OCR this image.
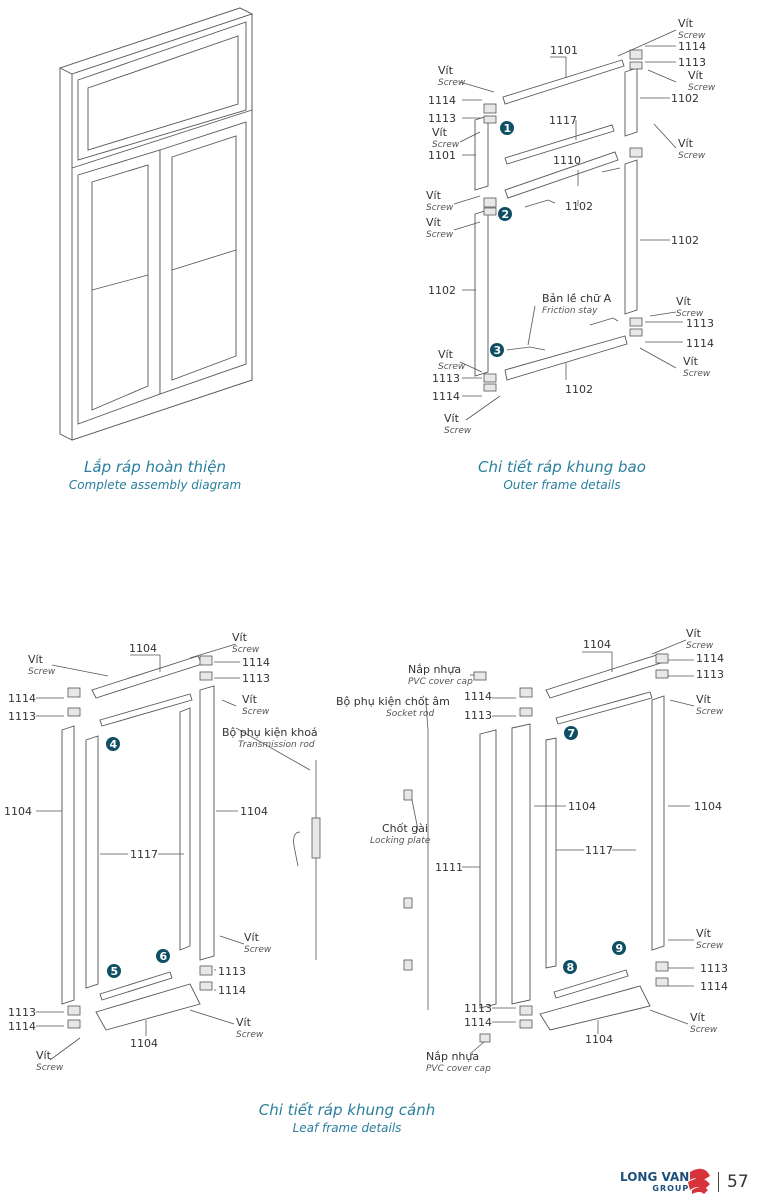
1101
Vít
Screw
1114
1113
Vít
Screw
1101
1117
1110
1102
Vít
Screw
Vít
Screw
1102
Bản lề chữ A
Friction stay
Vít
Screw
1113
1114
1102
Vít
Screw
Vít
Screw
1114
1113
Vít
Screw
1102
Vít
Screw
1102
Vít
Screw
1113
1114
Vít
Screw
1104
Vít
Screw
Vít
Screw
1114
1113
1114
1113
Vít
Screw
Bộ phụ kiện khoá
Transmission rod
1104	1104
1117
Vít
Screw
1113
1114
1113
1114	Vít
Screw
1104
Vít
Screw
1104
Vít
Screw
Nắp nhựa
PVC cover cap
1114
1113
Bộ phụ kiện chốt âm
Socket rod
1114
1113
Vít
Screw
1104	1104
Chốt gài
Locking plate
1117
1111
Vít
Screw
1113
1114
1113
1114	Vít
Screw
1104
Nắp nhựa
PVC cover cap
1
2
3
4
5
6
7
8
9
Lắp ráp hoàn thiện
Complete assembly diagram
Chi tiết ráp khung bao
Outer frame details
Chi tiết ráp khung cánh
Leaf frame details
LONG VAN
GROUP	57
